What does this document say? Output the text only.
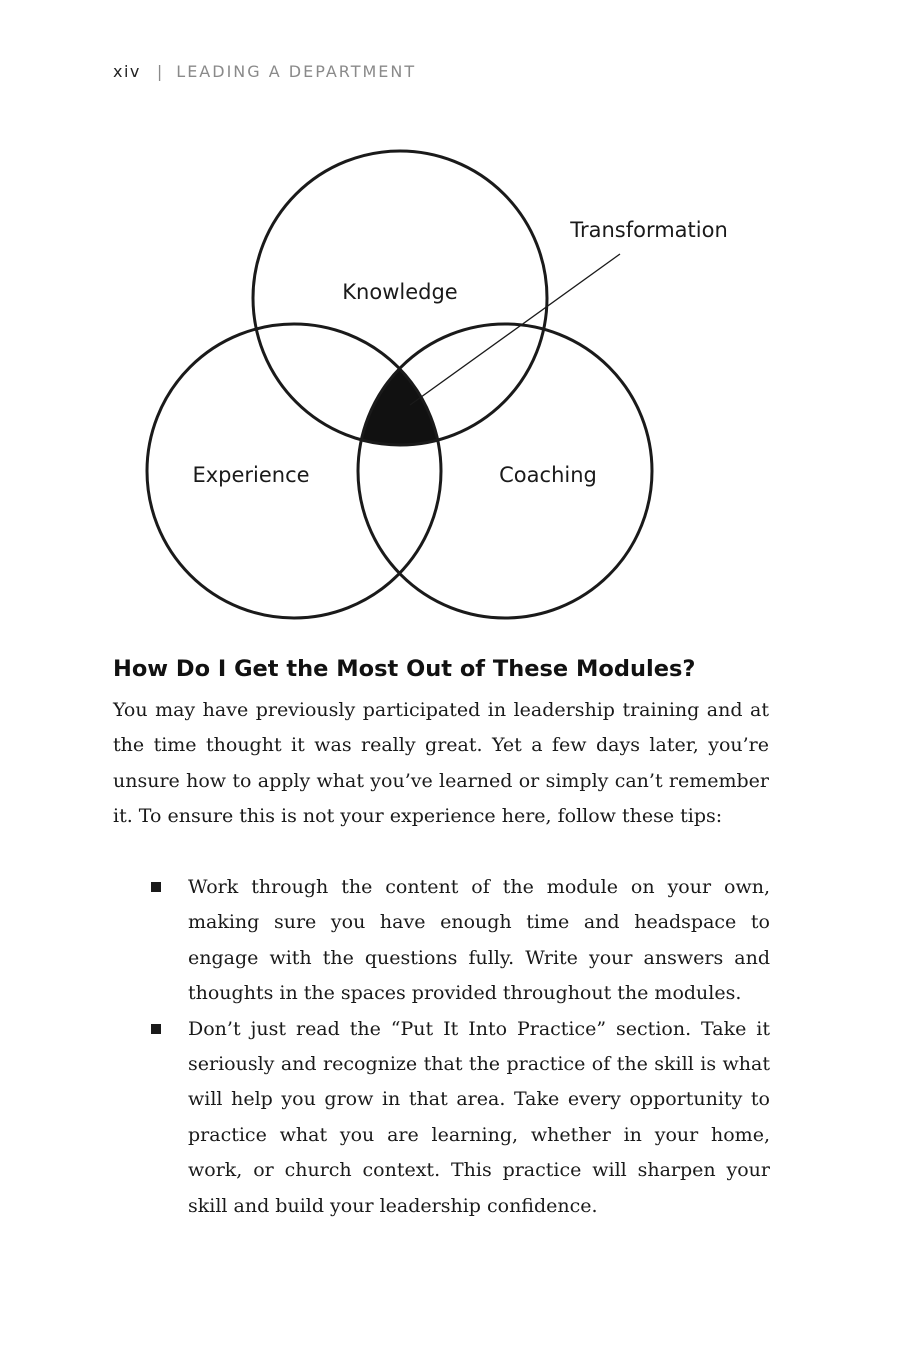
xiv | LEADING A DEPARTMENT
Knowledge
Experience	Coaching
Transformation
How Do I Get the Most Out of These Modules?

You may have previously participated in leadership training and at the time thought it was really great. Yet a few days later, you’re unsure how to apply what you’ve learned or simply can’t remember it. To ensure this is not your experience here, follow these tips:

Work through the content of the module on your own, making sure you have enough time and headspace to engage with the questions fully. Write your answers and thoughts in the spaces provided throughout the modules.
Don’t just read the “Put It Into Practice” section. Take it seriously and recognize that the practice of the skill is what will help you grow in that area. Take every opportunity to practice what you are learning, whether in your home, work, or church context. This practice will sharpen your skill and build your leadership confidence.
